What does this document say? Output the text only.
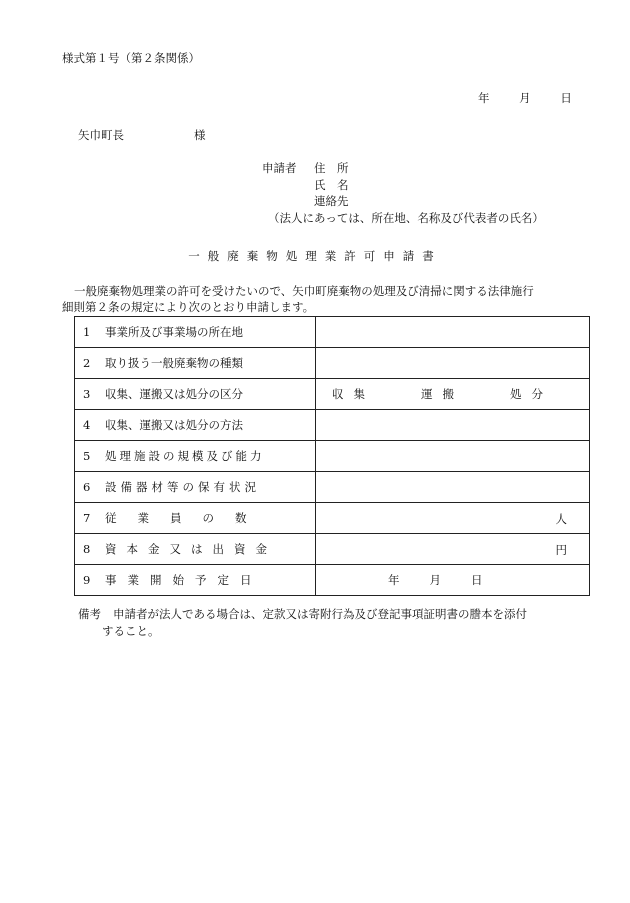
様式第１号（第２条関係）
年	月	日
矢巾町長	様
申請者	住　所
氏　名
連絡先
（法人にあっては、所在地、名称及び代表者の氏名）
一般廃棄物処理業許可申請書

一般廃棄物処理業の許可を受けたいので、矢巾町廃棄物の処理及び清掃に関する法律施行

細則第２条の規定により次のとおり申請します。

1 事業所及び事業場の所在地	
2 取り扱う一般廃棄物の種類	
3 収集、運搬又は処分の区分	収集 運搬 処分
4 収集、運搬又は処分の方法	
5 処理施設の規模及び能力	
6 設備器材等の保有状況	
7 従業員の数	人

8 資本金又は出資金	円

9 事業開始予定日	年 月 日

備考 申請者が法人である場合は、定款又は寄附行為及び登記事項証明書の謄本を添付

すること。
